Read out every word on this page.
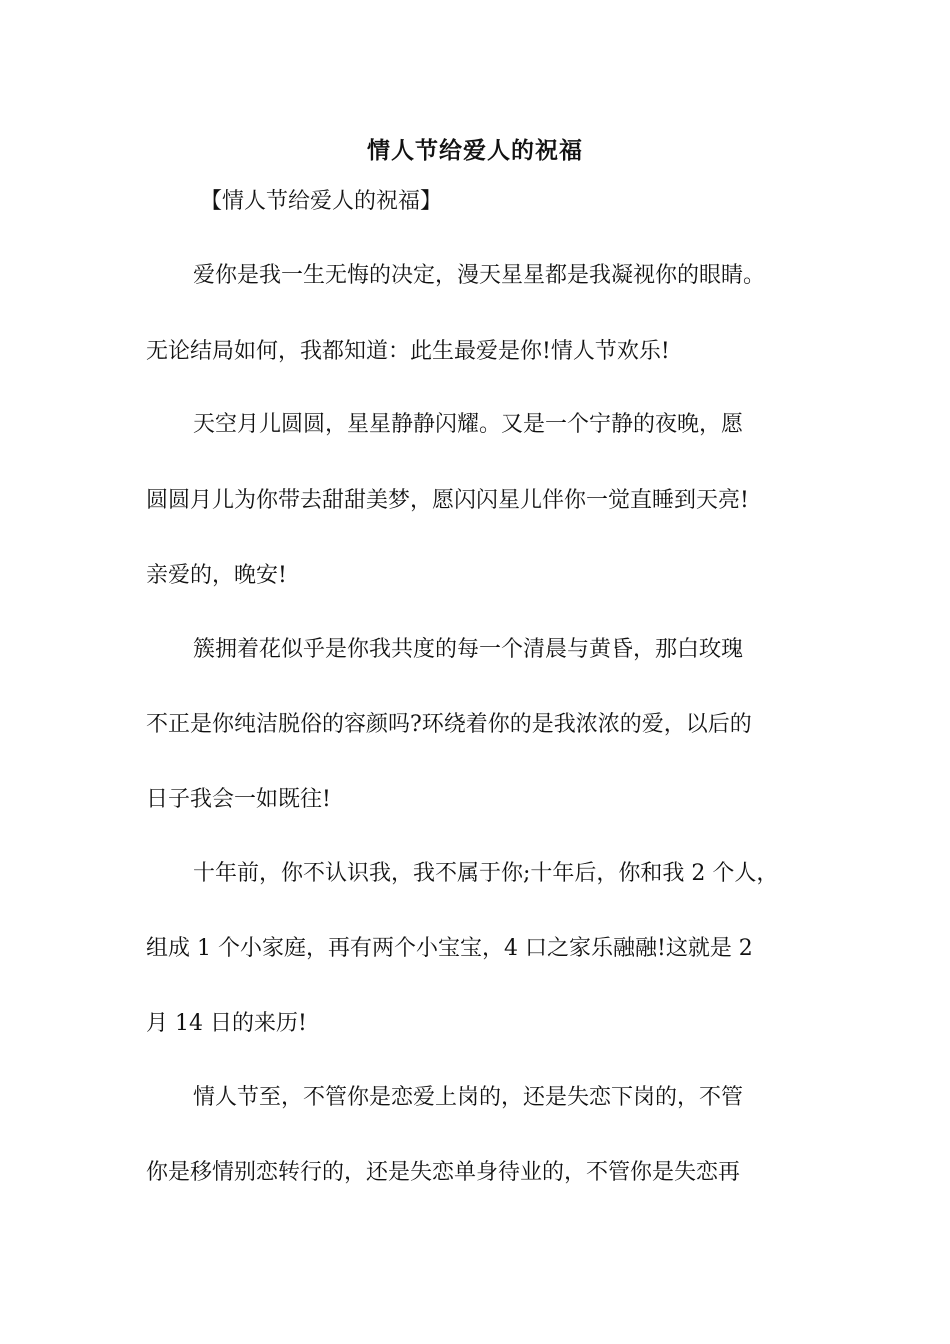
情人节给爱人的祝福
【情人节给爱人的祝福】
爱你是我一生无悔的决定，漫天星星都是我凝视你的眼睛。
无论结局如何，我都知道：此生最爱是你!情人节欢乐!
天空月儿圆圆，星星静静闪耀。又是一个宁静的夜晚，愿
圆圆月儿为你带去甜甜美梦，愿闪闪星儿伴你一觉直睡到天亮!
亲爱的，晚安!
簇拥着花似乎是你我共度的每一个清晨与黄昏，那白玫瑰
不正是你纯洁脱俗的容颜吗?环绕着你的是我浓浓的爱，以后的
日子我会一如既往!
十年前，你不认识我，我不属于你;十年后，你和我 2 个人，
组成 1 个小家庭，再有两个小宝宝，4 口之家乐融融!这就是 2
月 14 日的来历!
情人节至，不管你是恋爱上岗的，还是失恋下岗的，不管
你是移情别恋转行的，还是失恋单身待业的，不管你是失恋再
